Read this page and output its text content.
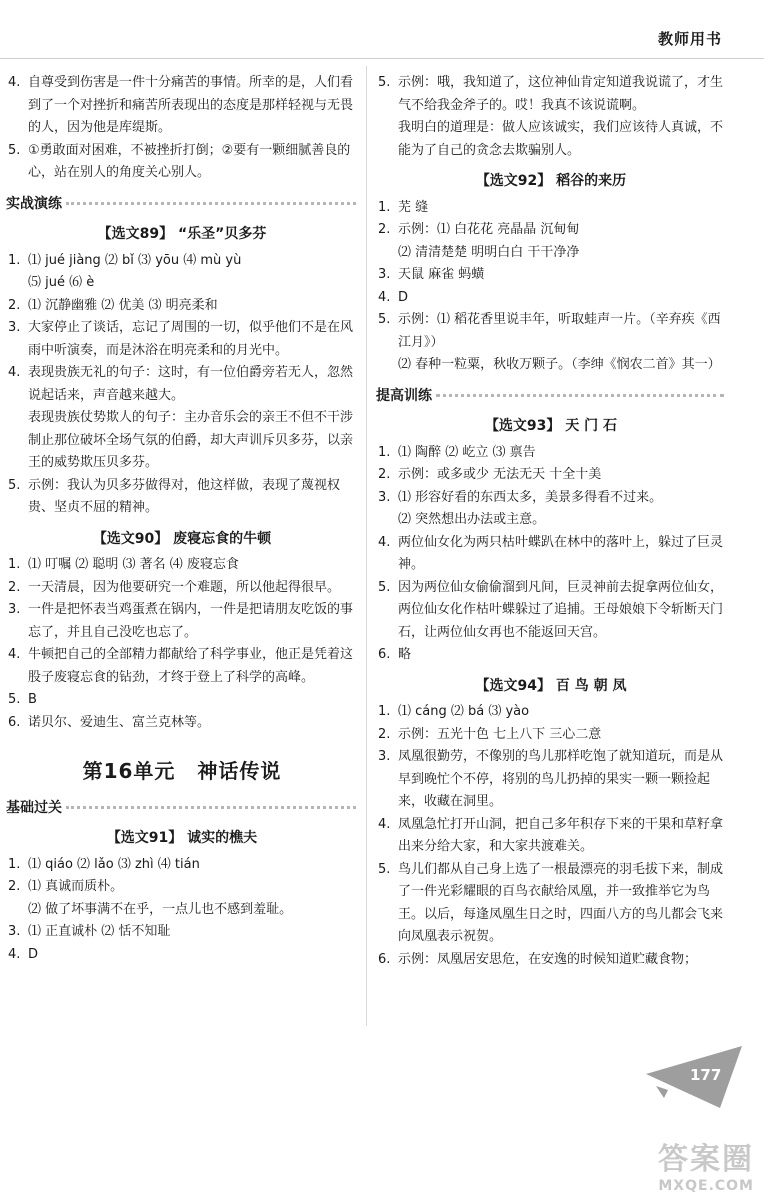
教师用书
4. 自尊受到伤害是一件十分痛苦的事情。所幸的是，人们看到了一个对挫折和痛苦所表现出的态度是那样轻视与无畏的人，因为他是库缇斯。
5. ①勇敢面对困难，不被挫折打倒；②要有一颗细腻善良的心，站在别人的角度关心别人。
实战演练
【选文89】 “乐圣”贝多芬
1. ⑴ jué jiàng ⑵ bǐ ⑶ yōu ⑷ mù yù
⑸ jué ⑹ è
2. ⑴ 沉静幽雅 ⑵ 优美 ⑶ 明亮柔和
3. 大家停止了谈话，忘记了周围的一切，似乎他们不是在风雨中听演奏，而是沐浴在明亮柔和的月光中。
4. 表现贵族无礼的句子：这时，有一位伯爵旁若无人，忽然说起话来，声音越来越大。
表现贵族仗势欺人的句子：主办音乐会的亲王不但不干涉制止那位破坏全场气氛的伯爵，却大声训斥贝多芬，以亲王的威势欺压贝多芬。
5. 示例：我认为贝多芬做得对，他这样做，表现了蔑视权贵、坚贞不屈的精神。
【选文90】 废寝忘食的牛顿
1. ⑴ 叮嘱 ⑵ 聪明 ⑶ 著名 ⑷ 废寝忘食
2. 一天清晨，因为他要研究一个难题，所以他起得很早。
3. 一件是把怀表当鸡蛋煮在锅内，一件是把请朋友吃饭的事忘了，并且自己没吃也忘了。
4. 牛顿把自己的全部精力都献给了科学事业，他正是凭着这股子废寝忘食的钻劲，才终于登上了科学的高峰。
5. B
6. 诺贝尔、爱迪生、富兰克林等。
第16单元 神话传说
基础过关
【选文91】 诚实的樵夫
1. ⑴ qiáo ⑵ lǎo ⑶ zhì ⑷ tián
2. ⑴ 真诚而质朴。
⑵ 做了坏事满不在乎，一点儿也不感到羞耻。
3. ⑴ 正直诚朴 ⑵ 恬不知耻
4. D
5. 示例：哦，我知道了，这位神仙肯定知道我说谎了，才生气不给我金斧子的。哎！我真不该说谎啊。
我明白的道理是：做人应该诚实，我们应该待人真诚，不能为了自己的贪念去欺骗别人。
【选文92】 稻谷的来历
1. 芜 缝
2. 示例：⑴ 白花花 亮晶晶 沉甸甸
⑵ 清清楚楚 明明白白 干干净净
3. 天鼠 麻雀 蚂蟥
4. D
5. 示例：⑴ 稻花香里说丰年，听取蛙声一片。（辛弃疾《西江月》）
⑵ 春种一粒粟，秋收万颗子。（李绅《悯农二首》其一）
提高训练
【选文93】 天 门 石
1. ⑴ 陶醉 ⑵ 屹立 ⑶ 禀告
2. 示例：或多或少 无法无天 十全十美
3. ⑴ 形容好看的东西太多，美景多得看不过来。
⑵ 突然想出办法或主意。
4. 两位仙女化为两只枯叶蝶趴在林中的落叶上，躲过了巨灵神。
5. 因为两位仙女偷偷溜到凡间，巨灵神前去捉拿两位仙女，两位仙女化作枯叶蝶躲过了追捕。王母娘娘下令斩断天门石，让两位仙女再也不能返回天宫。
6. 略
【选文94】 百 鸟 朝 凤
1. ⑴ cáng ⑵ bá ⑶ yào
2. 示例：五光十色 七上八下 三心二意
3. 凤凰很勤劳，不像别的鸟儿那样吃饱了就知道玩，而是从早到晚忙个不停，将别的鸟儿扔掉的果实一颗一颗捡起来，收藏在洞里。
4. 凤凰急忙打开山洞，把自己多年积存下来的干果和草籽拿出来分给大家，和大家共渡难关。
5. 鸟儿们都从自己身上选了一根最漂亮的羽毛拔下来，制成了一件光彩耀眼的百鸟衣献给凤凰，并一致推举它为鸟王。以后，每逢凤凰生日之时，四面八方的鸟儿都会飞来向凤凰表示祝贺。
6. 示例：凤凰居安思危，在安逸的时候知道贮藏食物；
177
答案圈
MXQE.COM
